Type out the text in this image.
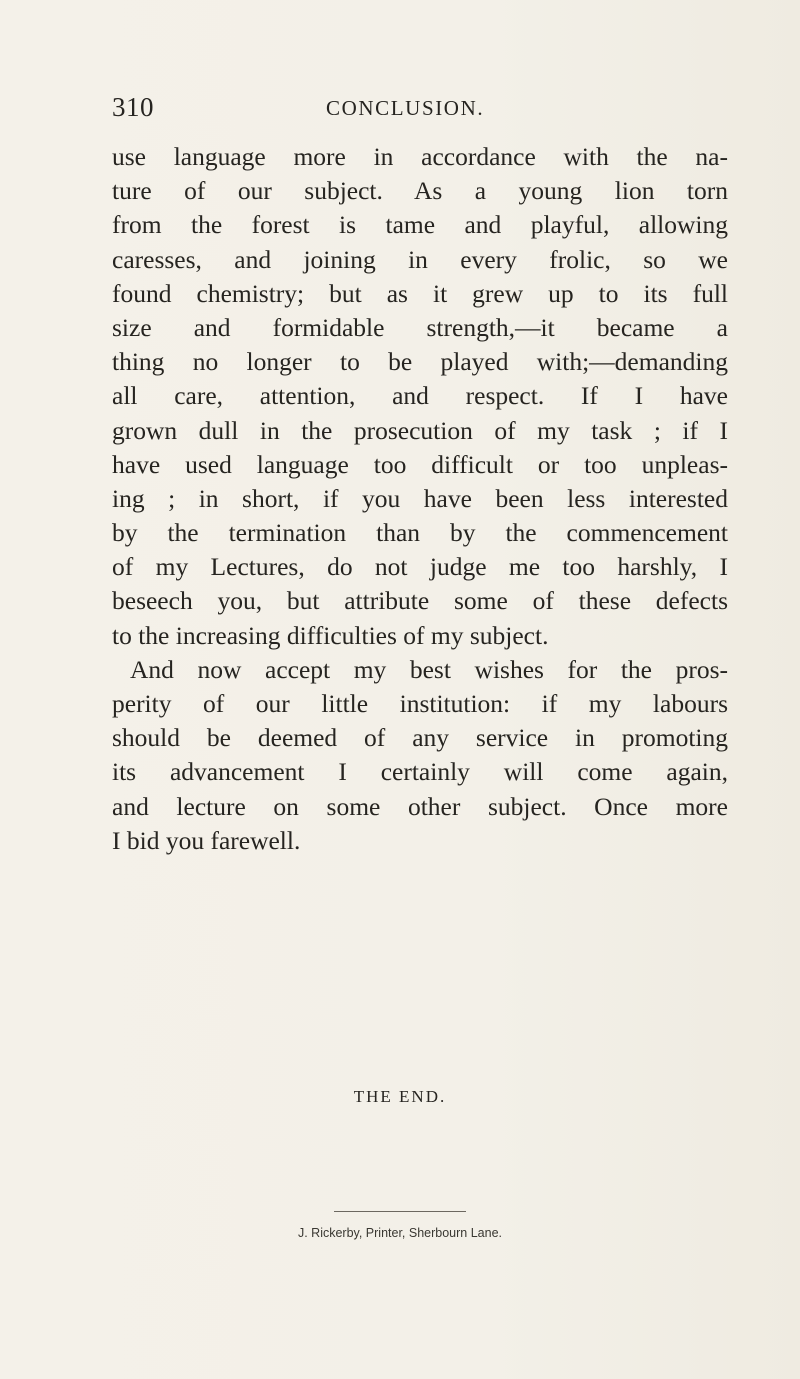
310	CONCLUSION.
use language more in accordance with the na-
ture of our subject. As a young lion torn
from the forest is tame and playful, allowing
caresses, and joining in every frolic, so we
found chemistry; but as it grew up to its full
size and formidable strength,—it became a
thing no longer to be played with;—demanding
all care, attention, and respect. If I have
grown dull in the prosecution of my task ; if I
have used language too difficult or too unpleas-
ing ; in short, if you have been less interested
by the termination than by the commencement
of my Lectures, do not judge me too harshly, I
beseech you, but attribute some of these defects
to the increasing difficulties of my subject.
And now accept my best wishes for the pros-
perity of our little institution: if my labours
should be deemed of any service in promoting
its advancement I certainly will come again,
and lecture on some other subject. Once more
I bid you farewell.
THE END.
J. Rickerby, Printer, Sherbourn Lane.
